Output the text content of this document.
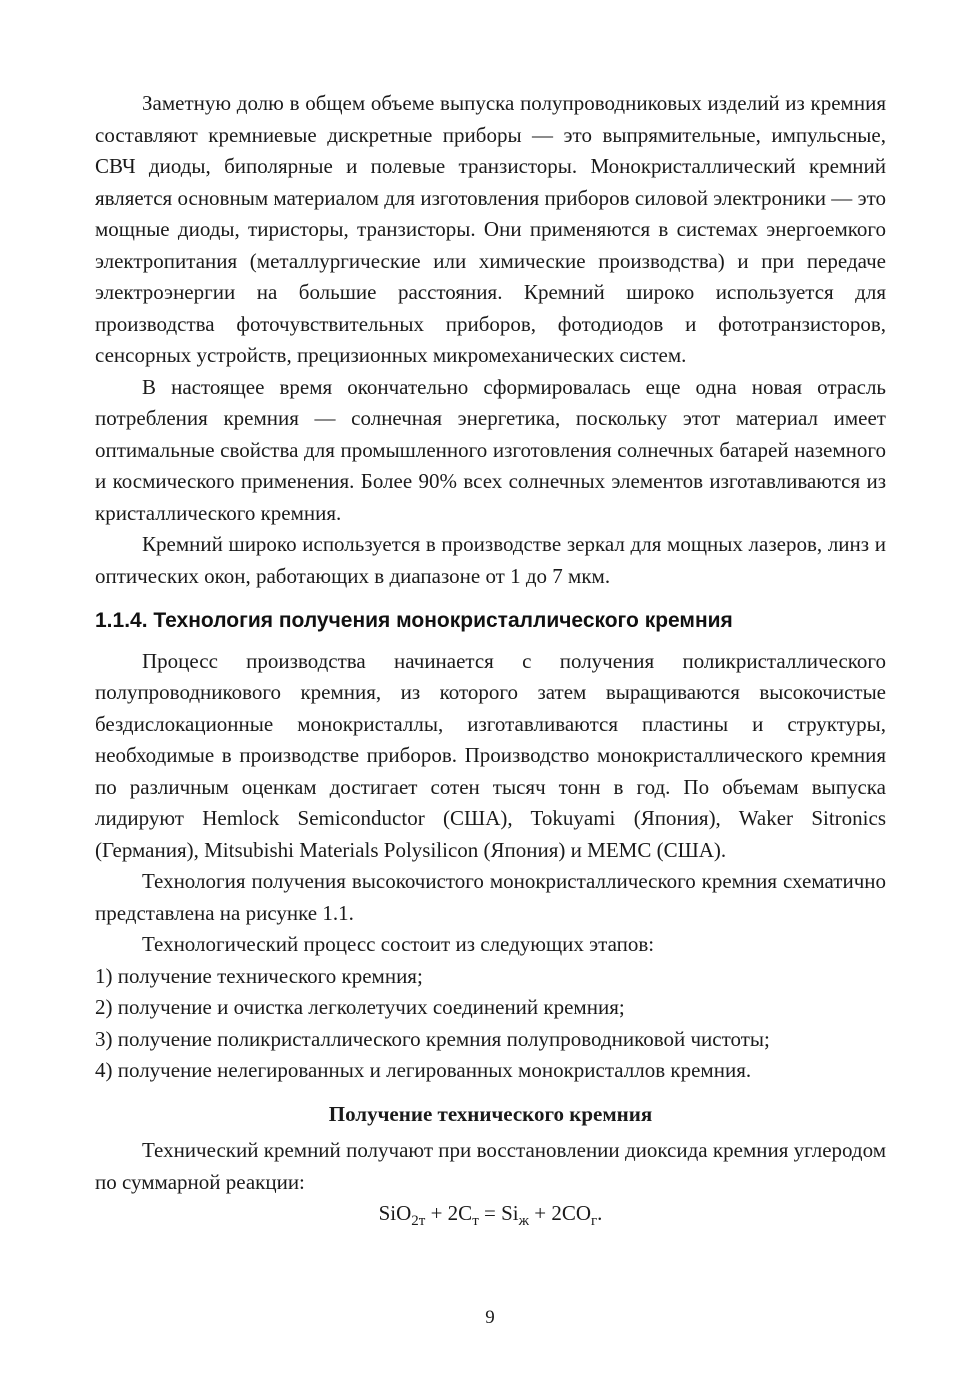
Заметную долю в общем объеме выпуска полупроводниковых изделий из кремния составляют кремниевые дискретные приборы — это выпрямительные, импульсные, СВЧ диоды, биполярные и полевые транзисторы. Монокристаллический кремний является основным материалом для изготовления приборов силовой электроники — это мощные диоды, тиристоры, транзисторы. Они применяются в системах энергоемкого электропитания (металлургические или химические производства) и при передаче электроэнергии на большие расстояния. Кремний широко используется для производства фоточувствительных приборов, фотодиодов и фототранзисторов, сенсорных устройств, прецизионных микромеханических систем.

В настоящее время окончательно сформировалась еще одна новая отрасль потребления кремния — солнечная энергетика, поскольку этот материал имеет оптимальные свойства для промышленного изготовления солнечных батарей наземного и космического применения. Более 90% всех солнечных элементов изготавливаются из кристаллического кремния.

Кремний широко используется в производстве зеркал для мощных лазеров, линз и оптических окон, работающих в диапазоне от 1 до 7 мкм.

1.1.4. Технология получения монокристаллического кремния

Процесс производства начинается с получения поликристаллического полупроводникового кремния, из которого затем выращиваются высокочистые бездислокационные монокристаллы, изготавливаются пластины и структуры, необходимые в производстве приборов. Производство монокристаллического кремния по различным оценкам достигает сотен тысяч тонн в год. По объемам выпуска лидируют Hemlock Semiconductor (США), Tokuyami (Япония), Waker Sitronics (Германия), Mitsubishi Materials Polysilicon (Япония) и МЕМС (США).

Технология получения высокочистого монокристаллического кремния схематично представлена на рисунке 1.1.

Технологический процесс состоит из следующих этапов:

1) получение технического кремния;
2) получение и очистка легколетучих соединений кремния;
3) получение поликристаллического кремния полупроводниковой чистоты;
4) получение нелегированных и легированных монокристаллов кремния.
Получение технического кремния

Технический кремний получают при восстановлении диоксида кремния углеродом по суммарной реакции:

$SiO_{2т} + 2C_т = Si_ж + 2CO_г$.

9
